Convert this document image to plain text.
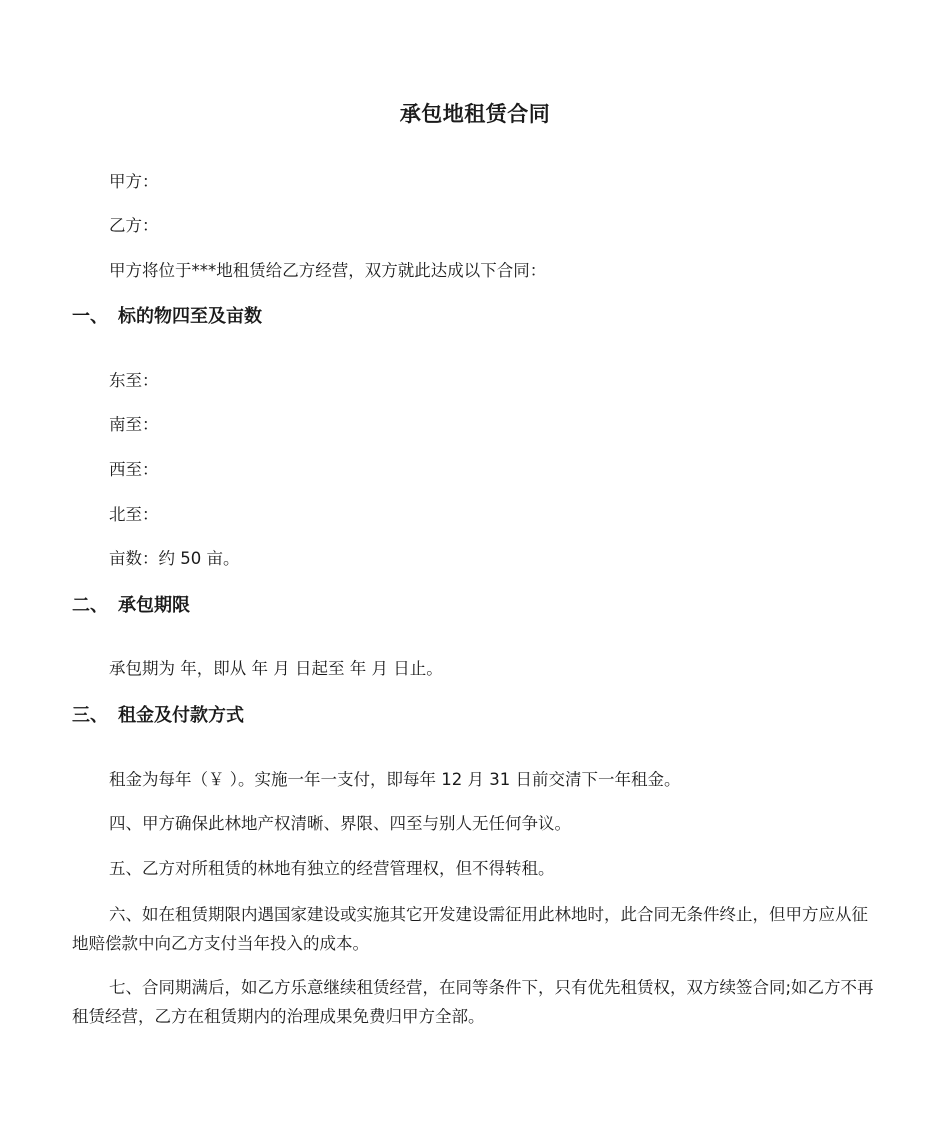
承包地租赁合同
甲方：
乙方：
甲方将位于***地租赁给乙方经营，双方就此达成以下合同：
一、 标的物四至及亩数
东至：
南至：
西至：
北至：
亩数：约 50 亩。
二、 承包期限
承包期为 年，即从 年 月 日起至 年 月 日止。
三、 租金及付款方式
租金为每年（￥ ）。实施一年一支付，即每年 12 月 31 日前交清下一年租金。
四、甲方确保此林地产权清晰、界限、四至与别人无任何争议。
五、乙方对所租赁的林地有独立的经营管理权，但不得转租。
六、如在租赁期限内遇国家建设或实施其它开发建设需征用此林地时，此合同无条件终止，但甲方应从征地赔偿款中向乙方支付当年投入的成本。
七、合同期满后，如乙方乐意继续租赁经营，在同等条件下，只有优先租赁权，双方续签合同;如乙方不再租赁经营，乙方在租赁期内的治理成果免费归甲方全部。
